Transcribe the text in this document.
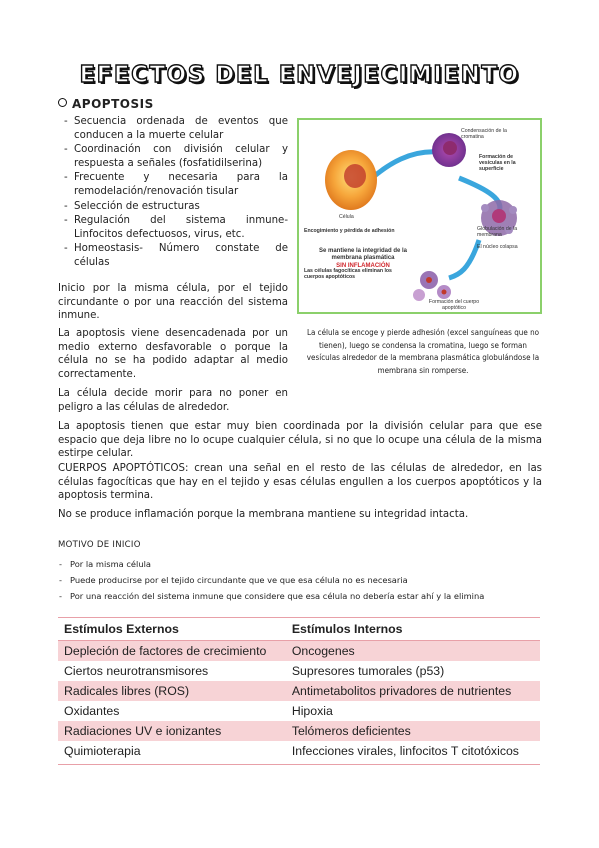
EFECTOS DEL ENVEJECIMIENTO
APOPTOSIS
- Secuencia ordenada de eventos que conducen a la muerte celular
- Coordinación con división celular y respuesta a señales (fosfatidilserina)
- Frecuente y necesaria para la remodelación/renovación tisular
- Selección de estructuras
- Regulación del sistema inmune- Linfocitos defectuosos, virus, etc.
- Homeostasis- Número constate de células
Inicio por la misma célula, por el tejido circundante o por una reacción del sistema inmune.
La apoptosis viene desencadenada por un medio externo desfavorable o porque la célula no se ha podido adaptar al medio correctamente.
La célula decide morir para no poner en peligro a las células de alrededor.
Condensación de la cromatina
Formación de vesículas en la superficie
Célula
Encogimiento y pérdida de adhesión
Se mantiene la integridad de la membrana plasmática
SIN INFLAMACIÓN
Globulación de la membrana
El núcleo colapsa
Las células fagocíticas eliminan los cuerpos apoptóticos
Formación del cuerpo apoptótico
La célula se encoge y pierde adhesión (excel sanguíneas que no tienen), luego se condensa la cromatina, luego se forman vesículas alrededor de la membrana plasmática globulándose la membrana sin romperse.
La apoptosis tienen que estar muy bien coordinada por la división celular para que ese espacio que deja libre no lo ocupe cualquier célula, si no que lo ocupe una célula de la misma estirpe celular.
CUERPOS APOPTÓTICOS: crean una señal en el resto de las células de alrededor, en las células fagocíticas que hay en el tejido y esas células engullen a los cuerpos apoptóticos y la apoptosis termina.
No se produce inflamación porque la membrana mantiene su integridad intacta.
MOTIVO DE INICIO
- Por la misma célula
- Puede producirse por el tejido circundante que ve que esa célula no es necesaria
- Por una reacción del sistema inmune que considere que esa célula no debería estar ahí y la elimina
Estímulos Externos	Estímulos Internos
Depleción de factores de crecimiento	Oncogenes
Ciertos neurotransmisores	Supresores tumorales (p53)
Radicales libres (ROS)	Antimetabolitos privadores de nutrientes
Oxidantes	Hipoxia
Radiaciones UV e ionizantes	Telómeros deficientes
Quimioterapia	Infecciones virales, linfocitos T citotóxicos
